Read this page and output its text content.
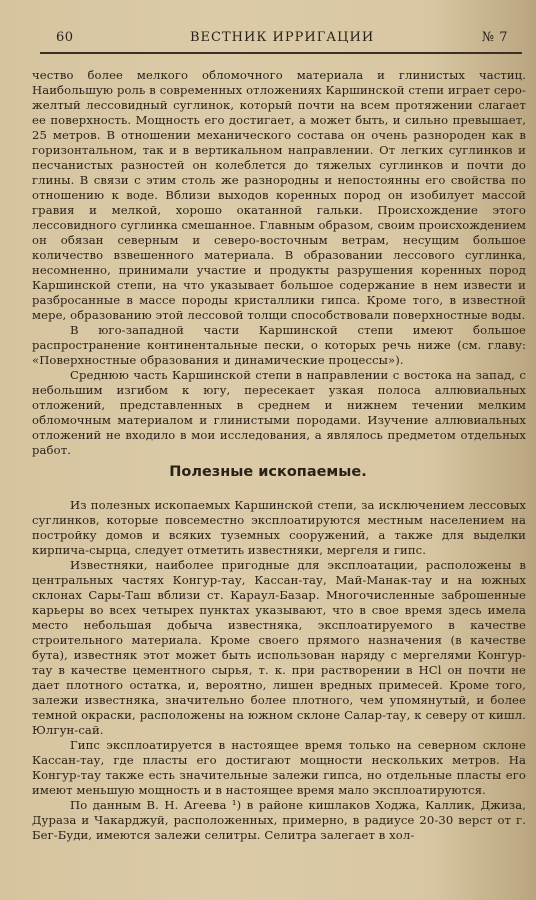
60	ВЕСТНИК ИРРИГАЦИИ	№ 7

чество более мелкого обломочного материала и глинистых частиц. Наибольшую роль в современных отложениях Каршинской степи играет серо-желтый лессовидный суглинок, который почти на всем протяжении слагает ее поверхность. Мощность его достигает, а может быть, и сильно превышает, 25 метров. В отношении механического состава он очень разнороден как в горизонтальном, так и в вертикальном направлении. От легких суглинков и песчанистых разностей он колеблется до тяжелых суглинков и почти до глины. В связи с этим столь же разнородны и непостоянны его свойства по отношению к воде. Вблизи выходов коренных пород он изобилует массой гравия и мелкой, хорошо окатанной гальки. Происхождение этого лессовидного суглинка смешанное. Главным образом, своим происхождением он обязан северным и северо-восточным ветрам, несущим большое количество взвешенного материала. В образовании лессового суглинка, несомненно, принимали участие и продукты разрушения коренных пород Каршинской степи, на что указывает большое содержание в нем извести и разбросанные в массе породы кристаллики гипса. Кроме того, в известной мере, образованию этой лессовой толщи способствовали поверхностные воды.

В юго-западной части Каршинской степи имеют большое распространение континентальные пески, о которых речь ниже (см. главу: «Поверхностные образования и динамические процессы»).

Среднюю часть Каршинской степи в направлении с востока на запад, с небольшим изгибом к югу, пересекает узкая полоса аллювиальных отложений, представленных в среднем и нижнем течении мелким обломочным материалом и глинистыми породами. Изучение аллювиальных отложений не входило в мои исследования, а являлось предметом отдельных работ.

Полезные ископаемые.

Из полезных ископаемых Каршинской степи, за исключением лессовых суглинков, которые повсеместно эксплоатируются местным населением на постройку домов и всяких туземных сооружений, а также для выделки кирпича-сырца, следует отметить известняки, мергеля и гипс.

Известняки, наиболее пригодные для эксплоатации, расположены в центральных частях Конгур-тау, Кассан-тау, Май-Манак-тау и на южных склонах Сары-Таш вблизи ст. Караул-Базар. Многочисленные заброшенные карьеры во всех четырех пунктах указывают, что в свое время здесь имела место небольшая добыча известняка, эксплоатируемого в качестве строительного материала. Кроме своего прямого назначения (в качестве бута), известняк этот может быть использован наряду с мергелями Конгур-тау в качестве цементного сырья, т. к. при растворении в HCl он почти не дает плотного остатка, и, вероятно, лишен вредных примесей. Кроме того, залежи известняка, значительно более плотного, чем упомянутый, и более темной окраски, расположены на южном склоне Салар-тау, к северу от кишл. Юлгун-сай.

Гипс эксплоатируется в настоящее время только на северном склоне Кассан-тау, где пласты его достигают мощности нескольких метров. На Конгур-тау также есть значительные залежи гипса, но отдельные пласты его имеют меньшую мощность и в настоящее время мало эксплоатируются.

По данным В. Н. Агеева ¹) в районе кишлаков Ходжа, Каллик, Джиза, Дураза и Чакарджуй, расположенных, примерно, в радиусе 20-30 верст от г. Бег-Буди, имеются залежи селитры. Селитра залегает в хол-
